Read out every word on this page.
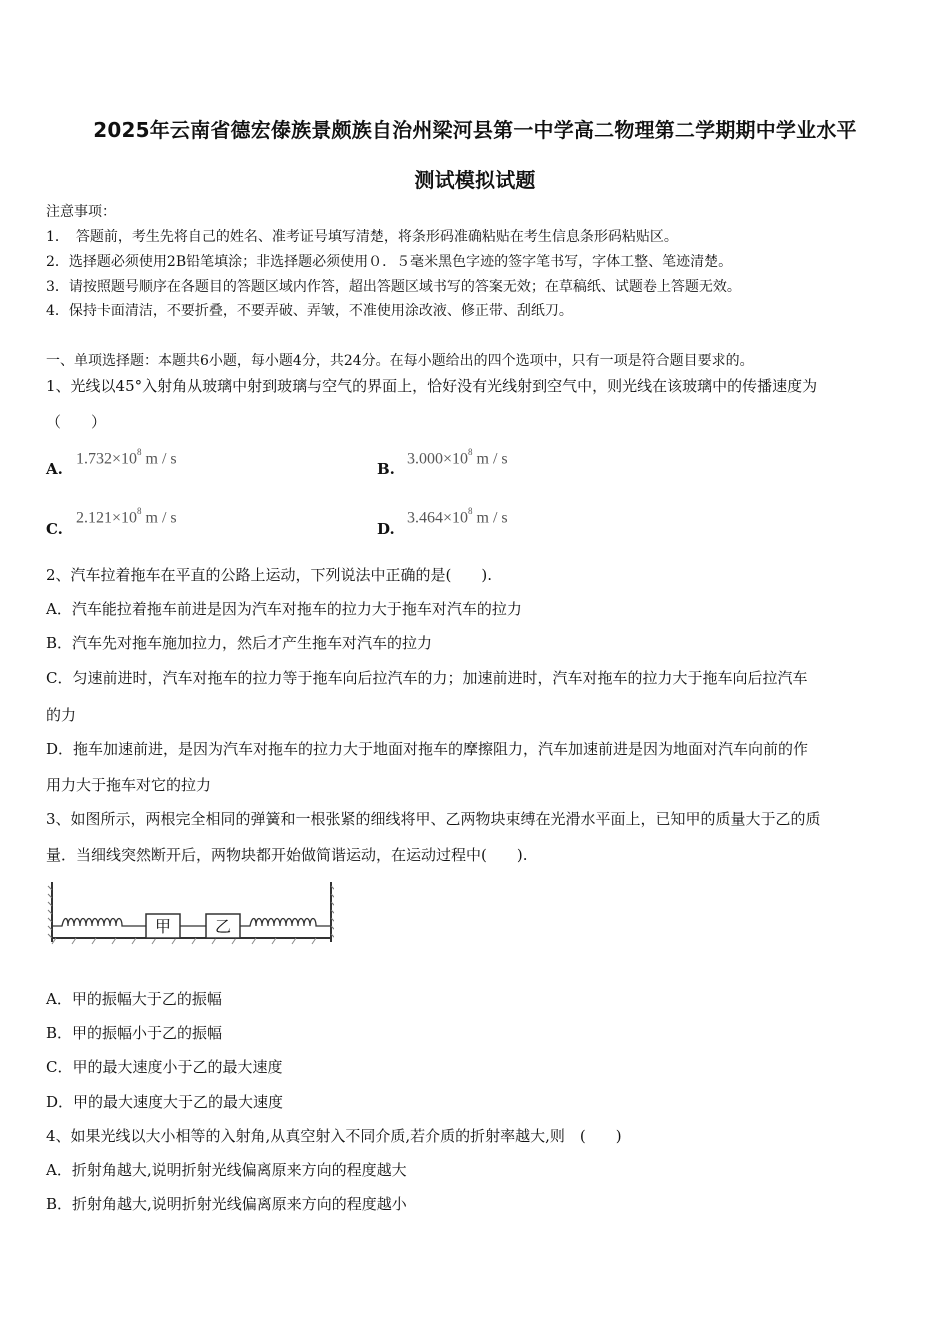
2025年云南省德宏傣族景颇族自治州梁河县第一中学高二物理第二学期期中学业水平
测试模拟试题
注意事项：
1．　答题前，考生先将自己的姓名、准考证号填写清楚，将条形码准确粘贴在考生信息条形码粘贴区。
2．选择题必须使用2B铅笔填涂；非选择题必须使用０．５毫米黑色字迹的签字笔书写，字体工整、笔迹清楚。
3．请按照题号顺序在各题目的答题区域内作答，超出答题区域书写的答案无效；在草稿纸、试题卷上答题无效。
4．保持卡面清洁，不要折叠，不要弄破、弄皱，不准使用涂改液、修正带、刮纸刀。
一、单项选择题：本题共6小题，每小题4分，共24分。在每小题给出的四个选项中，只有一项是符合题目要求的。
1、光线以45°入射角从玻璃中射到玻璃与空气的界面上，恰好没有光线射到空气中，则光线在该玻璃中的传播速度为
（　　）
A.
$1.732\times 10^8$ m / s
B.
$3.000\times 10^8$ m / s
C.
$2.121\times 10^8$ m / s
D.
$3.464\times 10^8$ m / s
2、汽车拉着拖车在平直的公路上运动，下列说法中正确的是(　　).
A．汽车能拉着拖车前进是因为汽车对拖车的拉力大于拖车对汽车的拉力
B．汽车先对拖车施加拉力，然后才产生拖车对汽车的拉力
C．匀速前进时，汽车对拖车的拉力等于拖车向后拉汽车的力；加速前进时，汽车对拖车的拉力大于拖车向后拉汽车
的力
D．拖车加速前进，是因为汽车对拖车的拉力大于地面对拖车的摩擦阻力，汽车加速前进是因为地面对汽车向前的作
用力大于拖车对它的拉力
3、如图所示，两根完全相同的弹簧和一根张紧的细线将甲、乙两物块束缚在光滑水平面上，已知甲的质量大于乙的质
量．当细线突然断开后，两物块都开始做简谐运动，在运动过程中(　　).
甲	乙
A．甲的振幅大于乙的振幅
B．甲的振幅小于乙的振幅
C．甲的最大速度小于乙的最大速度
D．甲的最大速度大于乙的最大速度
4、如果光线以大小相等的入射角,从真空射入不同介质,若介质的折射率越大,则　(　　)
A．折射角越大,说明折射光线偏离原来方向的程度越大
B．折射角越大,说明折射光线偏离原来方向的程度越小
